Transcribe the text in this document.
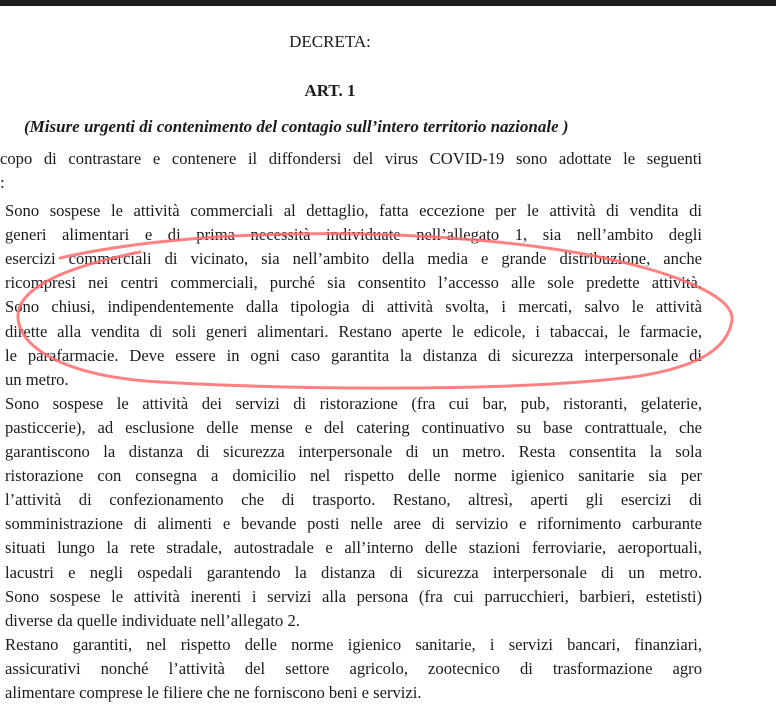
DECRETA:
ART. 1
(Misure urgenti di contenimento del contagio sull’intero territorio nazionale )
copo di contrastare e contenere il diffondersi del virus COVID-19 sono adottate le seguenti
:
Sono sospese le attività commerciali al dettaglio, fatta eccezione per le attività di vendita di
generi alimentari e di prima necessità individuate nell’allegato 1, sia nell’ambito degli
esercizi commerciali di vicinato, sia nell’ambito della media e grande distribuzione, anche
ricompresi nei centri commerciali, purché sia consentito l’accesso alle sole predette attività.
Sono chiusi, indipendentemente dalla tipologia di attività svolta, i mercati, salvo le attività
dirette alla vendita di soli generi alimentari. Restano aperte le edicole, i tabaccai, le farmacie,
le parafarmacie. Deve essere in ogni caso garantita la distanza di sicurezza interpersonale di
un metro.
Sono sospese le attività dei servizi di ristorazione (fra cui bar, pub, ristoranti, gelaterie,
pasticcerie), ad esclusione delle mense e del catering continuativo su base contrattuale, che
garantiscono la distanza di sicurezza interpersonale di un metro. Resta consentita la sola
ristorazione con consegna a domicilio nel rispetto delle norme igienico sanitarie sia per
l’attività di confezionamento che di trasporto. Restano, altresì, aperti gli esercizi di
somministrazione di alimenti e bevande posti nelle aree di servizio e rifornimento carburante
situati lungo la rete stradale, autostradale e all’interno delle stazioni ferroviarie, aeroportuali,
lacustri e negli ospedali garantendo la distanza di sicurezza interpersonale di un metro.
Sono sospese le attività inerenti i servizi alla persona (fra cui parrucchieri, barbieri, estetisti)
diverse da quelle individuate nell’allegato 2.
Restano garantiti, nel rispetto delle norme igienico sanitarie, i servizi bancari, finanziari,
assicurativi nonché l’attività del settore agricolo, zootecnico di trasformazione agro
alimentare comprese le filiere che ne forniscono beni e servizi.
